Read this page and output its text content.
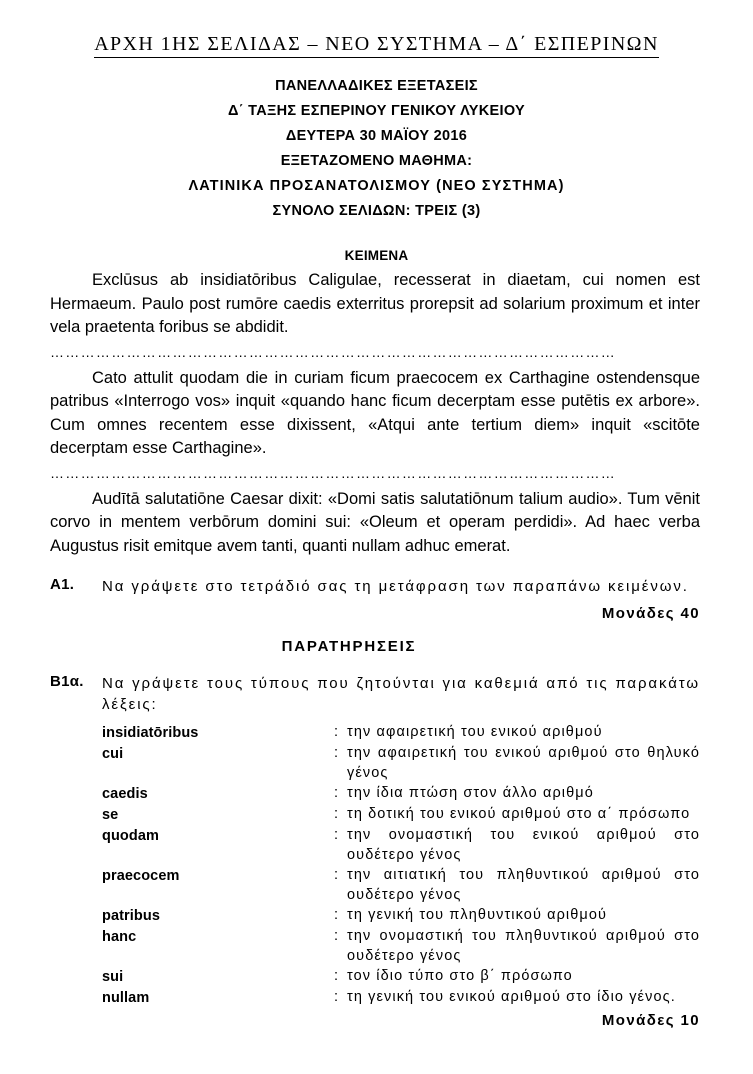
ΑΡΧΗ 1ΗΣ ΣΕΛΙΔΑΣ – ΝΕΟ ΣΥΣΤΗΜΑ – Δ΄ ΕΣΠΕΡΙΝΩΝ
ΠΑΝΕΛΛΑΔΙΚΕΣ ΕΞΕΤΑΣΕΙΣ
Δ΄ ΤΑΞΗΣ ΕΣΠΕΡΙΝΟΥ ΓΕΝΙΚΟΥ ΛΥΚΕΙΟΥ
ΔΕΥΤΕΡΑ 30 ΜΑΪΟΥ 2016
ΕΞΕΤΑΖΟΜΕΝΟ ΜΑΘΗΜΑ:
ΛΑΤΙΝΙΚΑ ΠΡΟΣΑΝΑΤΟΛΙΣΜΟΥ (ΝΕΟ ΣΥΣΤΗΜΑ)
ΣΥΝΟΛΟ ΣΕΛΙΔΩΝ: ΤΡΕΙΣ (3)
ΚΕΙΜΕΝΑ

Exclūsus ab insidiatōribus Caligulae, recesserat in diaetam, cui nomen est Hermaeum. Paulo post rumōre caedis exterritus prorepsit ad solarium proximum et inter vela praetenta foribus se abdidit.

…………………………………………………………………………………………………

Cato attulit quodam die in curiam ficum praecocem ex Carthagine ostendensque patribus «Interrogo vos» inquit «quando hanc ficum decerptam esse putētis ex arbore». Cum omnes recentem esse dixissent, «Atqui ante tertium diem» inquit «scitōte decerptam esse Carthagine».

…………………………………………………………………………………………………

Audītā salutatiōne Caesar dixit: «Domi satis salutatiōnum talium audio». Tum vēnit corvo in mentem verbōrum domini sui: «Oleum et operam perdidi». Ad haec verba Augustus risit emitque avem tanti, quanti nullam adhuc emerat.

Α1.	Να γράψετε στο τετράδιό σας τη μετάφραση των παραπάνω κειμένων.
Μονάδες 40
ΠΑΡΑΤΗΡΗΣΕΙΣ
Β1α.	Να γράψετε τους τύπους που ζητούνται για καθεμιά από τις παρακάτω λέξεις:
insidiatōribus	: την αφαιρετική του ενικού αριθμού
cui	: την αφαιρετική του ενικού αριθμού στο θηλυκό γένος
caedis	: την ίδια πτώση στον άλλο αριθμό
se	: τη δοτική του ενικού αριθμού στο α΄ πρόσωπο
quodam	: την ονομαστική του ενικού αριθμού στο ουδέτερο γένος
praecocem	: την αιτιατική του πληθυντικού αριθμού στο ουδέτερο γένος
patribus	: τη γενική του πληθυντικού αριθμού
hanc	: την ονομαστική του πληθυντικού αριθμού στο ουδέτερο γένος
sui	: τον ίδιο τύπο στο β΄ πρόσωπο
nullam	: τη γενική του ενικού αριθμού στο ίδιο γένος.
Μονάδες 10
